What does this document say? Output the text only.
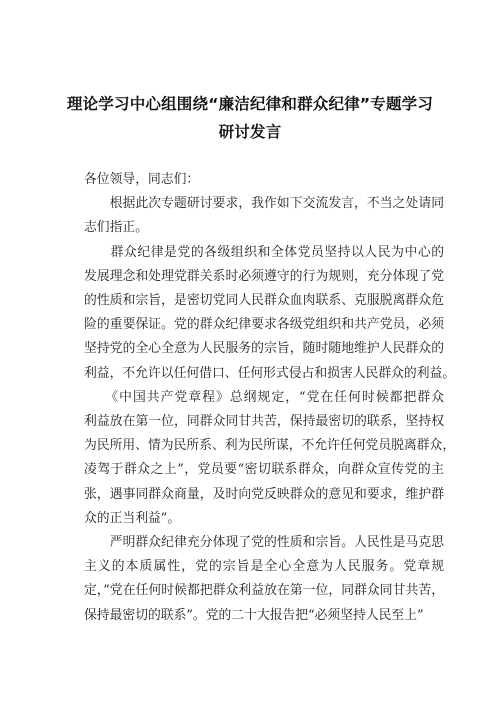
理论学习中心组围绕“廉洁纪律和群众纪律”专题学习
研讨发言

各位领导，同志们：

　　根据此次专题研讨要求，我作如下交流发言，不当之处请同
志们指正。

　　群众纪律是党的各级组织和全体党员坚持以人民为中心的
发展理念和处理党群关系时必须遵守的行为规则，充分体现了党
的性质和宗旨，是密切党同人民群众血肉联系、克服脱离群众危
险的重要保证。党的群众纪律要求各级党组织和共产党员，必须
坚持党的全心全意为人民服务的宗旨，随时随地维护人民群众的
利益，不允许以任何借口、任何形式侵占和损害人民群众的利益。

　　《中国共产党章程》总纲规定，“党在任何时候都把群众
利益放在第一位，同群众同甘共苦，保持最密切的联系，坚持权
为民所用、情为民所系、利为民所谋，不允许任何党员脱离群众，
凌驾于群众之上”，党员要“密切联系群众，向群众宣传党的主
张，遇事同群众商量，及时向党反映群众的意见和要求，维护群
众的正当利益”。

　　严明群众纪律充分体现了党的性质和宗旨。人民性是马克思
主义的本质属性，党的宗旨是全心全意为人民服务。党章规
定，”党在任何时候都把群众利益放在第一位，同群众同甘共苦，
保持最密切的联系”。党的二十大报告把“必须坚持人民至上”
